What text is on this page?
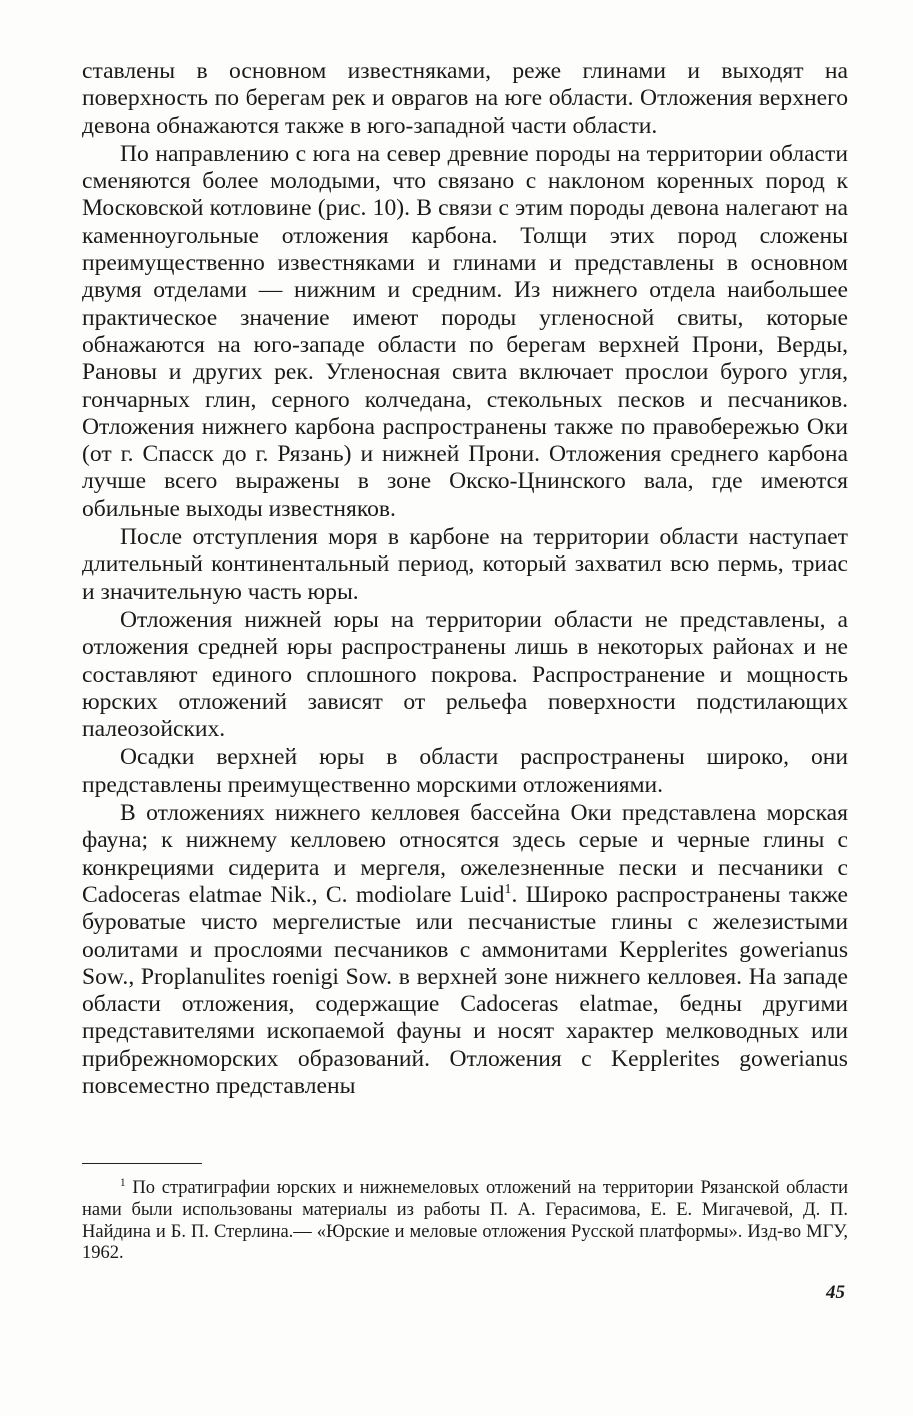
ставлены в основном известняками, реже глинами и выходят на поверхность по берегам рек и оврагов на юге области. Отложения верхнего девона обнажаются также в юго-западной части области.

По направлению с юга на север древние породы на территории области сменяются более молодыми, что связано с наклоном коренных пород к Московской котловине (рис. 10). В связи с этим породы девона налегают на каменноугольные отложения карбона. Толщи этих пород сложены преимущественно известняками и глинами и представлены в основном двумя отделами — нижним и средним. Из нижнего отдела наибольшее практическое значение имеют породы угленосной свиты, которые обнажаются на юго-западе области по берегам верхней Прони, Верды, Рановы и других рек. Угленосная свита включает прослои бурого угля, гончарных глин, серного колчедана, стекольных песков и песчаников. Отложения нижнего карбона распространены также по правобережью Оки (от г. Спасск до г. Рязань) и нижней Прони. Отложения среднего карбона лучше всего выражены в зоне Окско-Цнинского вала, где имеются обильные выходы известняков.

После отступления моря в карбоне на территории области наступает длительный континентальный период, который захватил всю пермь, триас и значительную часть юры.

Отложения нижней юры на территории области не представлены, а отложения средней юры распространены лишь в некоторых районах и не составляют единого сплошного покрова. Распространение и мощность юрских отложений зависят от рельефа поверхности подстилающих палеозойских.

Осадки верхней юры в области распространены широко, они представлены преимущественно морскими отложениями.

В отложениях нижнего келловея бассейна Оки представлена морская фауна; к нижнему келловею относятся здесь серые и черные глины с конкрециями сидерита и мергеля, ожелезненные пески и песчаники с Cadoceras elatmae Nik., C. modiolare Luid$^1$. Широко распространены также буроватые чисто мергелистые или песчанистые глины с железистыми оолитами и прослоями песчаников с аммонитами Kepplerites gowerianus Sow., Proplanulites roenigi Sow. в верхней зоне нижнего келловея. На западе области отложения, содержащие Cadoceras elatmae, бедны другими представителями ископаемой фауны и носят характер мелководных или прибрежноморских образований. Отложения с Kepplerites gowerianus повсеместно представлены

$^1$ По стратиграфии юрских и нижнемеловых отложений на территории Рязанской области нами были использованы материалы из работы П. А. Герасимова, Е. Е. Мигачевой, Д. П. Найдина и Б. П. Стерлина.— «Юрские и меловые отложения Русской платформы». Изд-во МГУ, 1962.

45
